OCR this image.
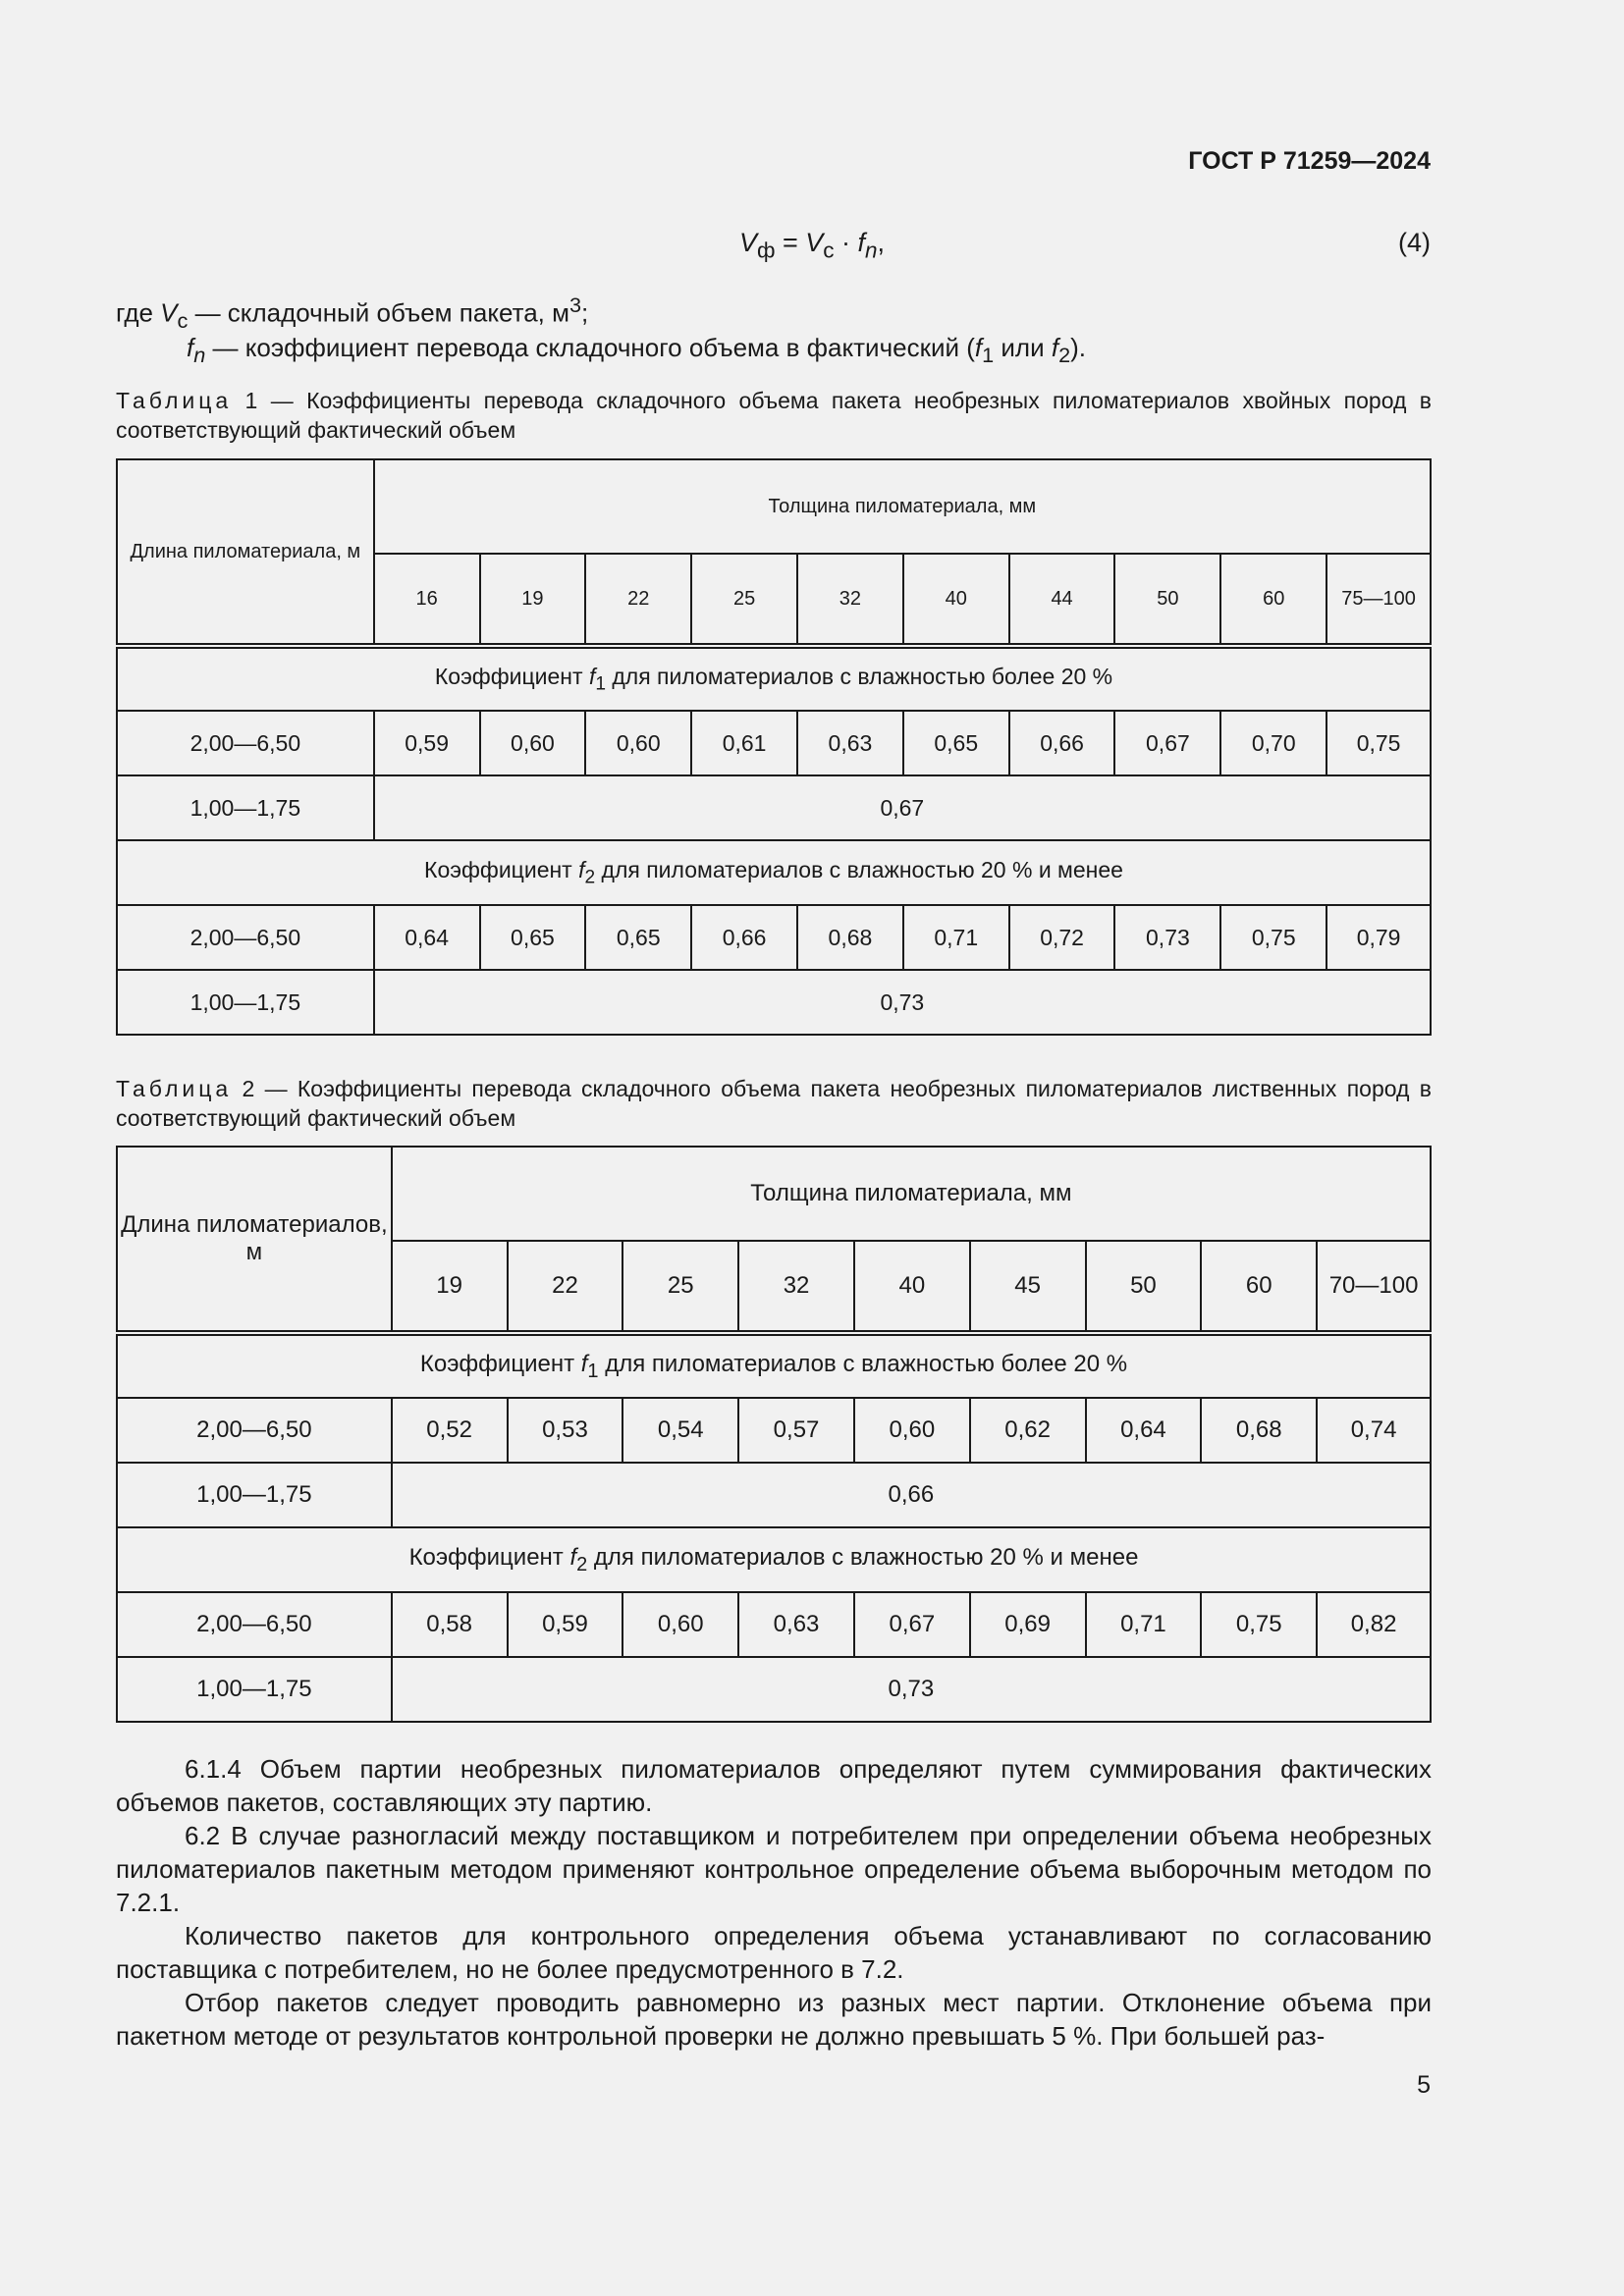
ГОСТ Р 71259—2024
$V_ф = V_с \cdot f_n$,	(4)
где $V_с$ — складочный объем пакета, $м^3$;
$f_n$ — коэффициент перевода складочного объема в фактический ($f_1$ или $f_2$).
Таблица 1 — Коэффициенты перевода складочного объема пакета необрезных пиломатериалов хвойных пород в соответствующий фактический объем
Длина пиломатериала, м	Толщина пиломатериала, мм									
	16	19	22	25	32	40	44	50	60	75—100
Коэффициент $f_1$ для пиломатериалов с влажностью более 20 %										
2,00—6,50	0,59	0,60	0,60	0,61	0,63	0,65	0,66	0,67	0,70	0,75
1,00—1,75	0,67									
Коэффициент $f_2$ для пиломатериалов с влажностью 20 % и менее										
2,00—6,50	0,64	0,65	0,65	0,66	0,68	0,71	0,72	0,73	0,75	0,79
1,00—1,75	0,73									
Таблица 2 — Коэффициенты перевода складочного объема пакета необрезных пиломатериалов лиственных пород в соответствующий фактический объем
Длина пиломатериалов, м	Толщина пиломатериала, мм								
	19	22	25	32	40	45	50	60	70—100
Коэффициент $f_1$ для пиломатериалов с влажностью более 20 %									
2,00—6,50	0,52	0,53	0,54	0,57	0,60	0,62	0,64	0,68	0,74
1,00—1,75	0,66								
Коэффициент $f_2$ для пиломатериалов с влажностью 20 % и менее									
2,00—6,50	0,58	0,59	0,60	0,63	0,67	0,69	0,71	0,75	0,82
1,00—1,75	0,73								

6.1.4 Объем партии необрезных пиломатериалов определяют путем суммирования фактических объемов пакетов, составляющих эту партию.

6.2 В случае разногласий между поставщиком и потребителем при определении объема необрезных пиломатериалов пакетным методом применяют контрольное определение объема выборочным методом по 7.2.1.

Количество пакетов для контрольного определения объема устанавливают по согласованию поставщика с потребителем, но не более предусмотренного в 7.2.

Отбор пакетов следует проводить равномерно из разных мест партии. Отклонение объема при пакетном методе от результатов контрольной проверки не должно превышать 5 %. При большей раз-

5
